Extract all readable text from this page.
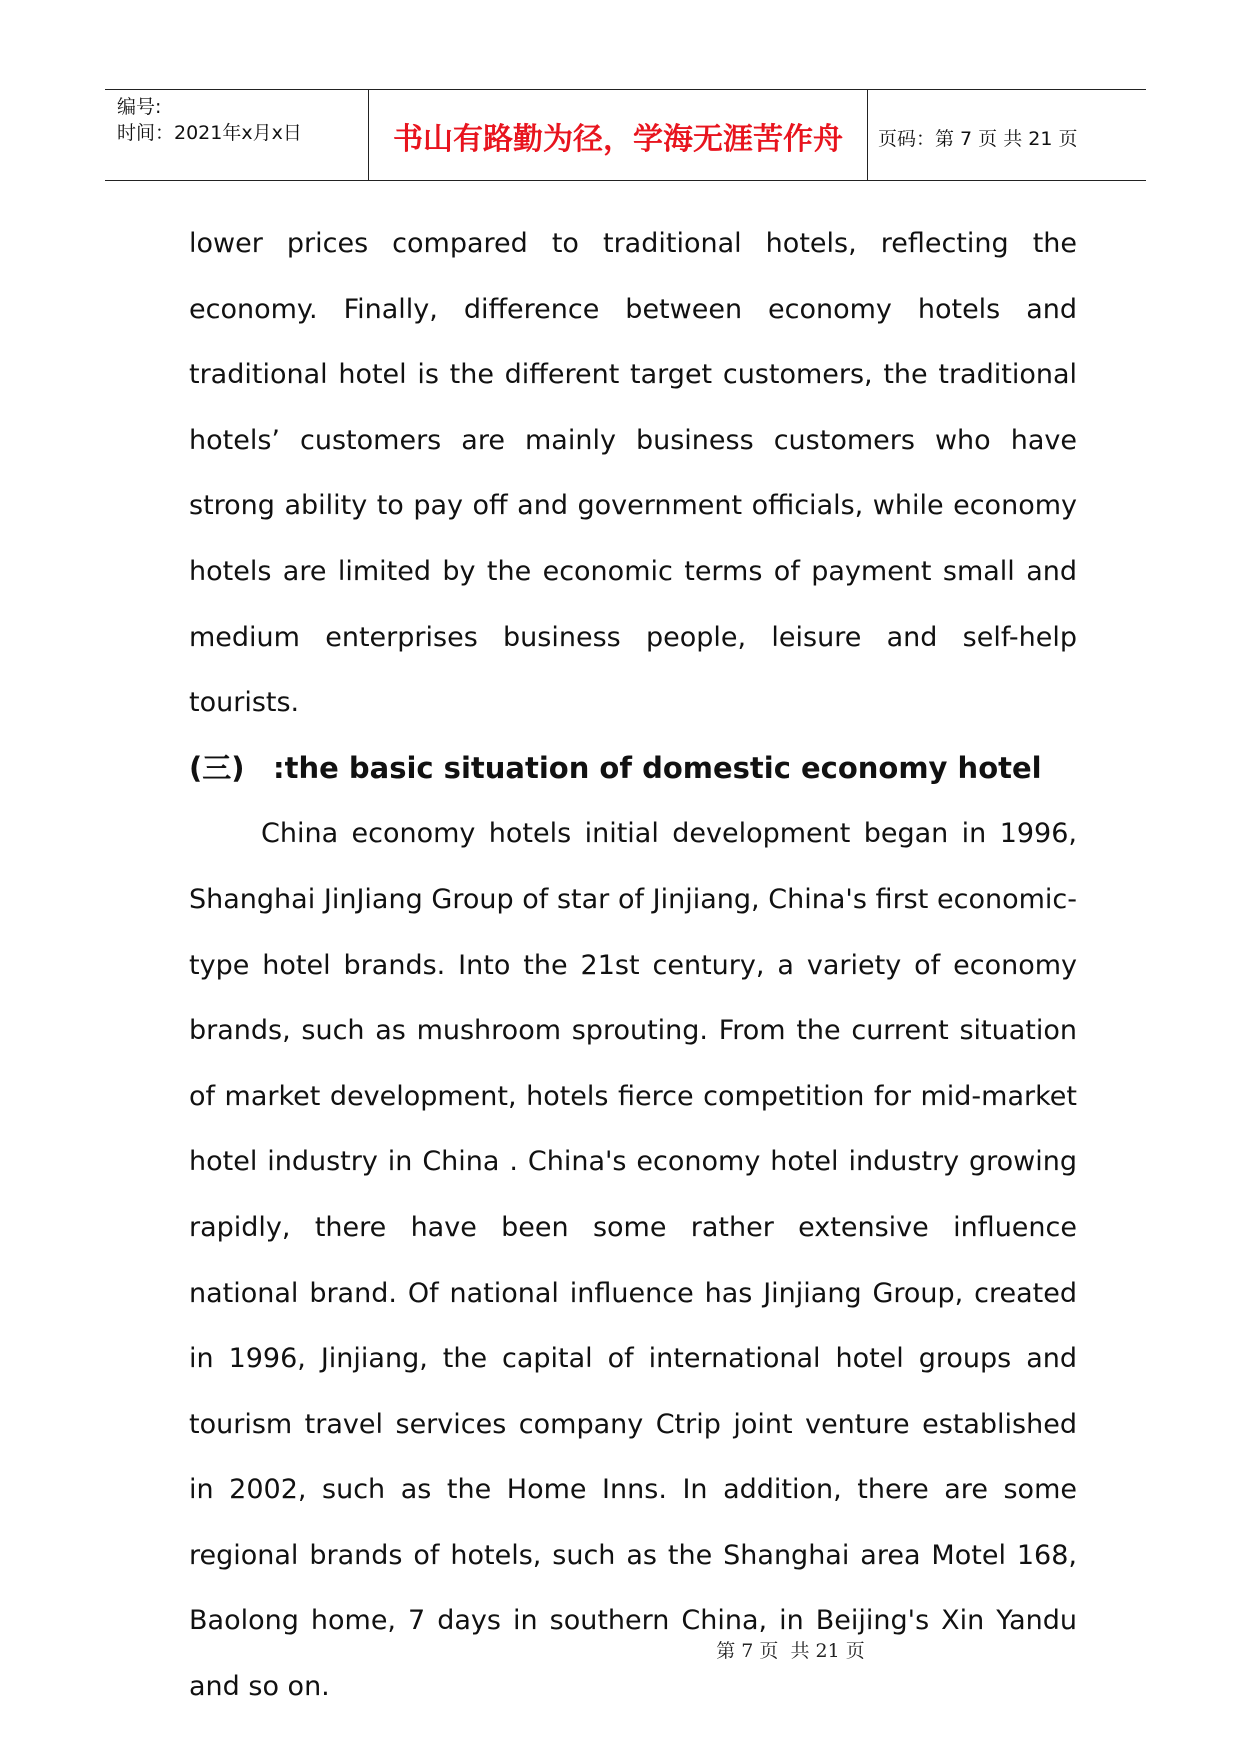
编号:
时间：2021年x月x日	书山有路勤为径，学海无涯苦作舟	页码：第 7 页 共 21 页

lower prices compared to traditional hotels, reflecting the economy. Finally, difference between economy hotels and traditional hotel is the different target customers, the traditional hotels’ customers are mainly business customers who have strong ability to pay off and government officials, while economy hotels are limited by the economic terms of payment small and medium enterprises business people, leisure and self-help tourists.

(三) :the basic situation of domestic economy hotel

China economy hotels initial development began in 1996, Shanghai JinJiang Group of star of Jinjiang, China's first economic-type hotel brands. Into the 21st century, a variety of economy brands, such as mushroom sprouting. From the current situation of market development, hotels fierce competition for mid-market hotel industry in China . China's economy hotel industry growing rapidly, there have been some rather extensive influence national brand. Of national influence has Jinjiang Group, created in 1996, Jinjiang, the capital of international hotel groups and tourism travel services company Ctrip joint venture established in 2002, such as the Home Inns. In addition, there are some regional brands of hotels, such as the Shanghai area Motel 168, Baolong home, 7 days in southern China, in Beijing's Xin Yandu and so on.

第 7 页  共 21 页
